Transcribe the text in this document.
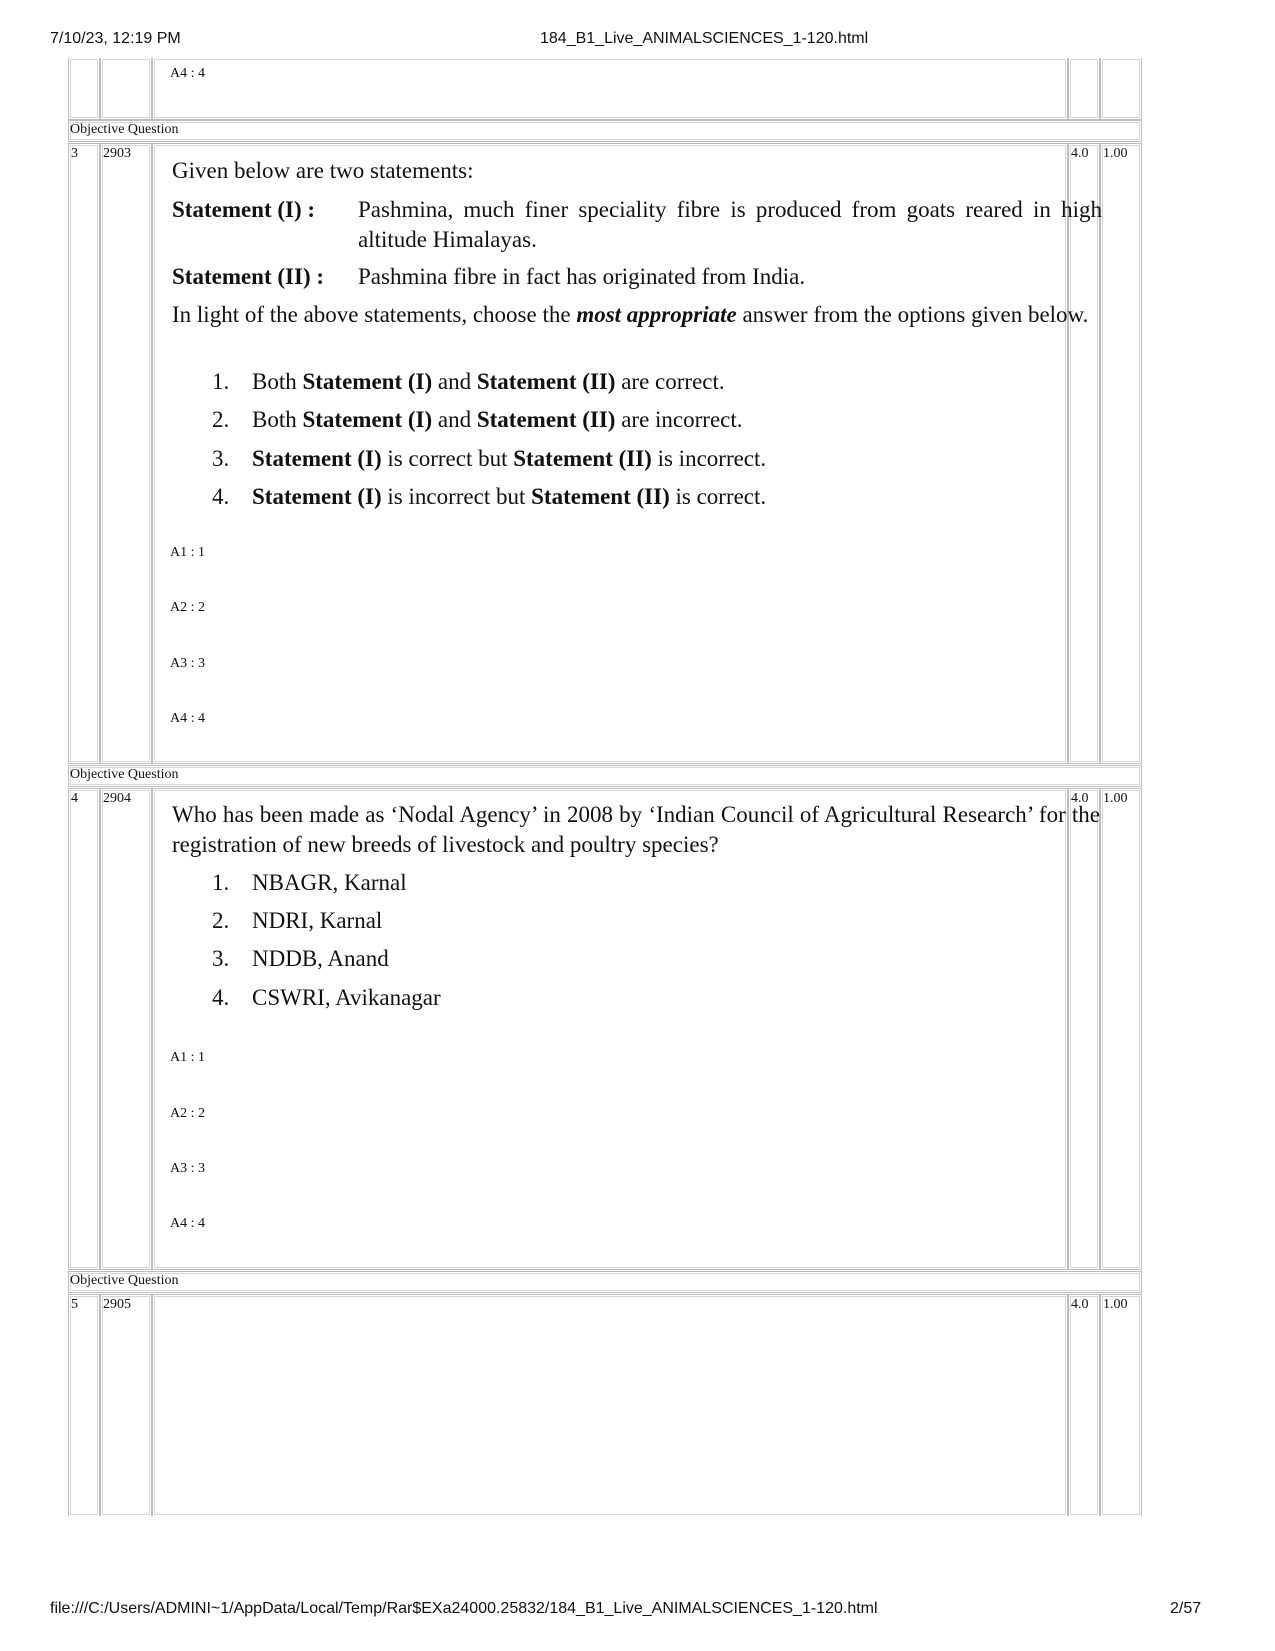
7/10/23, 12:19 PM	184_B1_Live_ANIMALSCIENCES_1-120.html
A4 : 4
Objective Question
3 2903	4.0 1.00
Given below are two statements:
Statement (I) : Pashmina, much finer speciality fibre is produced from goats reared in high altitude Himalayas.
Statement (II) : Pashmina fibre in fact has originated from India.
In light of the above statements, choose the most appropriate answer from the options given below.
1. Both Statement (I) and Statement (II) are correct.
2. Both Statement (I) and Statement (II) are incorrect.
3. Statement (I) is correct but Statement (II) is incorrect.
4. Statement (I) is incorrect but Statement (II) is correct.
A1 : 1
A2 : 2
A3 : 3
A4 : 4
Objective Question
4 2904	4.0 1.00
Who has been made as ‘Nodal Agency’ in 2008 by ‘Indian Council of Agricultural Research’ for the registration of new breeds of livestock and poultry species?
1. NBAGR, Karnal
2. NDRI, Karnal
3. NDDB, Anand
4. CSWRI, Avikanagar
A1 : 1
A2 : 2
A3 : 3
A4 : 4
Objective Question
5 2905	4.0 1.00
file:///C:/Users/ADMINI~1/AppData/Local/Temp/Rar$EXa24000.25832/184_B1_Live_ANIMALSCIENCES_1-120.html	2/57
